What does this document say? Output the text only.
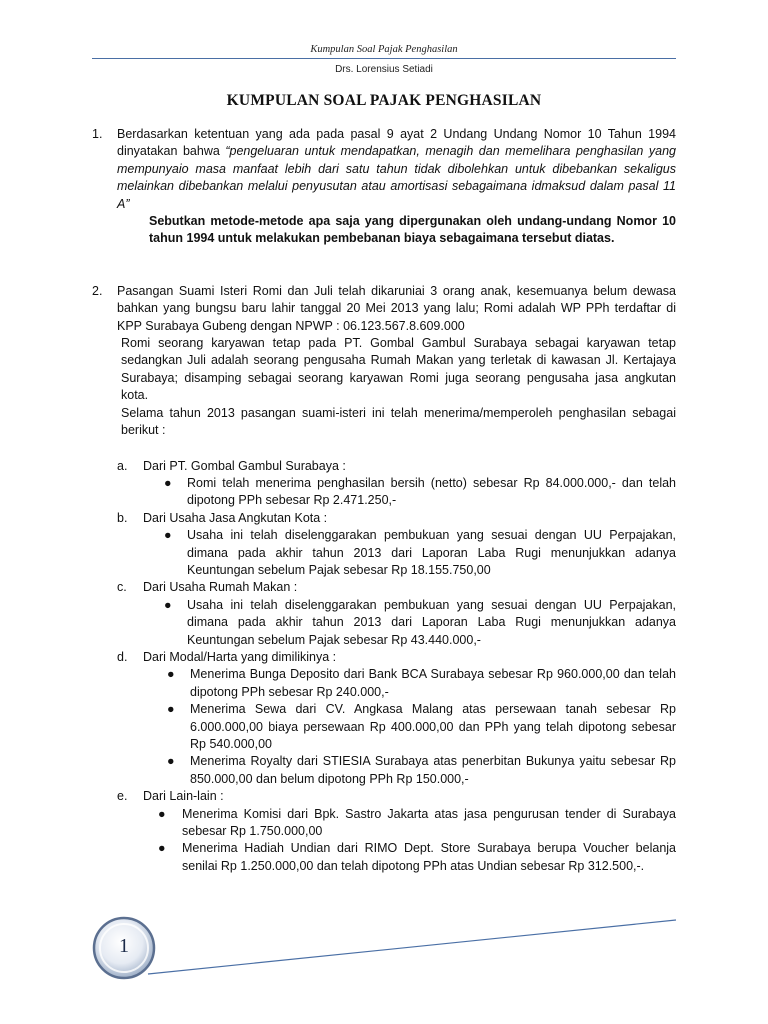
Kumpulan Soal Pajak Penghasilan
Drs. Lorensius Setiadi
KUMPULAN SOAL PAJAK PENGHASILAN
1. Berdasarkan ketentuan yang ada pada pasal 9 ayat 2 Undang Undang Nomor 10 Tahun 1994 dinyatakan bahwa “pengeluaran untuk mendapatkan, menagih dan memelihara penghasilan yang mempunyaio masa manfaat lebih dari satu tahun tidak dibolehkan untuk dibebankan sekaligus melainkan dibebankan melalui penyusutan atau amortisasi sebagaimana idmaksud dalam pasal 11 A”

Sebutkan metode-metode apa saja yang dipergunakan oleh undang-undang Nomor 10 tahun 1994 untuk melakukan pembebanan biaya sebagaimana tersebut diatas.

2. Pasangan Suami Isteri Romi dan Juli telah dikaruniai 3 orang anak, kesemuanya belum dewasa bahkan yang bungsu baru lahir tanggal 20 Mei 2013 yang lalu; Romi adalah WP PPh terdaftar di KPP Surabaya Gubeng dengan NPWP : 06.123.567.8.609.000

Romi seorang karyawan tetap pada PT. Gombal Gambul Surabaya sebagai karyawan tetap sedangkan Juli adalah seorang pengusaha Rumah Makan yang terletak di kawasan Jl. Kertajaya Surabaya; disamping sebagai seorang karyawan Romi juga seorang pengusaha jasa angkutan kota.

Selama tahun 2013 pasangan suami-isteri ini telah menerima/memperoleh penghasilan sebagai berikut :

a. Dari PT. Gombal Gambul Surabaya :
● Romi telah menerima penghasilan bersih (netto) sebesar Rp 84.000.000,- dan telah dipotong PPh sebesar Rp 2.471.250,-

b. Dari Usaha Jasa Angkutan Kota :
● Usaha ini telah diselenggarakan pembukuan yang sesuai dengan UU Perpajakan, dimana pada akhir tahun 2013 dari Laporan Laba Rugi menunjukkan adanya Keuntungan sebelum Pajak sebesar Rp 18.155.750,00

c. Dari Usaha Rumah Makan :
● Usaha ini telah diselenggarakan pembukuan yang sesuai dengan UU Perpajakan, dimana pada akhir tahun 2013 dari Laporan Laba Rugi menunjukkan adanya Keuntungan sebelum Pajak sebesar Rp 43.440.000,-

d. Dari Modal/Harta yang dimilikinya :
● Menerima Bunga Deposito dari Bank BCA Surabaya sebesar Rp 960.000,00 dan telah dipotong PPh sebesar Rp 240.000,-

● Menerima Sewa dari CV. Angkasa Malang atas persewaan tanah sebesar Rp 6.000.000,00 biaya persewaan Rp 400.000,00 dan PPh yang telah dipotong sebesar Rp 540.000,00

● Menerima Royalty dari STIESIA Surabaya atas penerbitan Bukunya yaitu sebesar Rp 850.000,00 dan belum dipotong PPh Rp 150.000,-

e. Dari Lain-lain :
● Menerima Komisi dari Bpk. Sastro Jakarta atas jasa pengurusan tender di Surabaya sebesar Rp 1.750.000,00

● Menerima Hadiah Undian dari RIMO Dept. Store Surabaya berupa Voucher belanja senilai Rp 1.250.000,00 dan telah dipotong PPh atas Undian sebesar Rp 312.500,-.

1
